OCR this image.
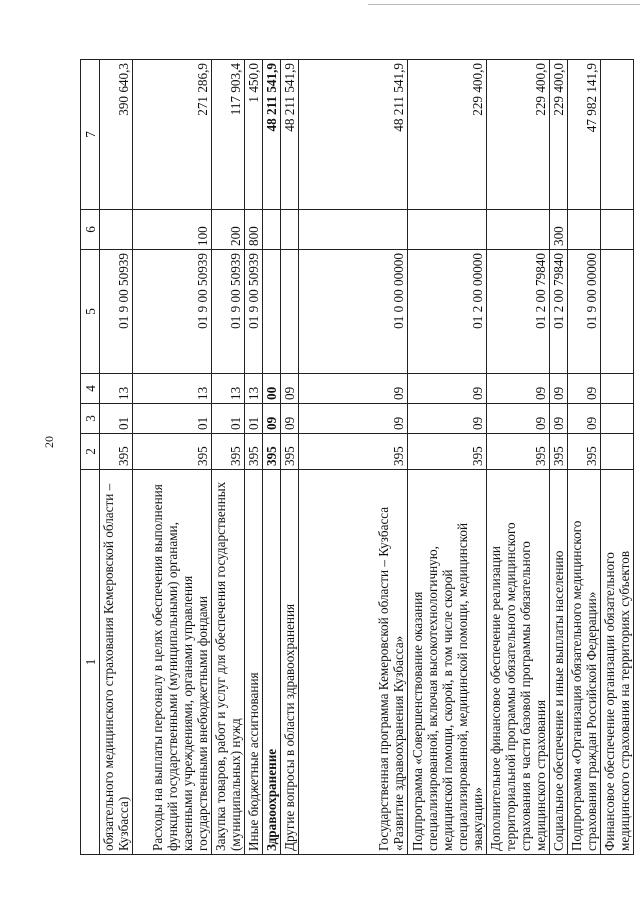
20
1	2	3	4	5	6	7
обязательного медицинского страхования Кемеровской области – Кузбасса)	395	01	13	01 9 00 50939		390 640,3
Расходы на выплаты персоналу в целях обеспечения выполнения функций государственными (муниципальными) органами, казенными учреждениями, органами управления государственными внебюджетными фондами	395	01	13	01 9 00 50939	100	271 286,9
Закупка товаров, работ и услуг для обеспечения государственных (муниципальных) нужд	395	01	13	01 9 00 50939	200	117 903,4
Иные бюджетные ассигнования	395	01	13	01 9 00 50939	800	1 450,0
Здравоохранение	395	09	00			48 211 541,9
Другие вопросы в области здравоохранения	395	09	09			48 211 541,9
Государственная программа Кемеровской области – Кузбасса «Развитие здравоохранения Кузбасса»	395	09	09	01 0 00 00000		48 211 541,9
Подпрограмма «Совершенствование оказания специализированной, включая высокотехнологичную, медицинской помощи, скорой, в том числе скорой специализированной, медицинской помощи, медицинской эвакуации»	395	09	09	01 2 00 00000		229 400,0
Дополнительное финансовое обеспечение реализации территориальной программы обязательного медицинского страхования в части базовой программы обязательного медицинского страхования	395	09	09	01 2 00 79840		229 400,0
Социальное обеспечение и иные выплаты населению	395	09	09	01 2 00 79840	300	229 400,0
Подпрограмма «Организация обязательного медицинского страхования граждан Российской Федерации»	395	09	09	01 9 00 00000		47 982 141,9
Финансовое обеспечение организации обязательного медицинского страхования на территориях субъектов						
